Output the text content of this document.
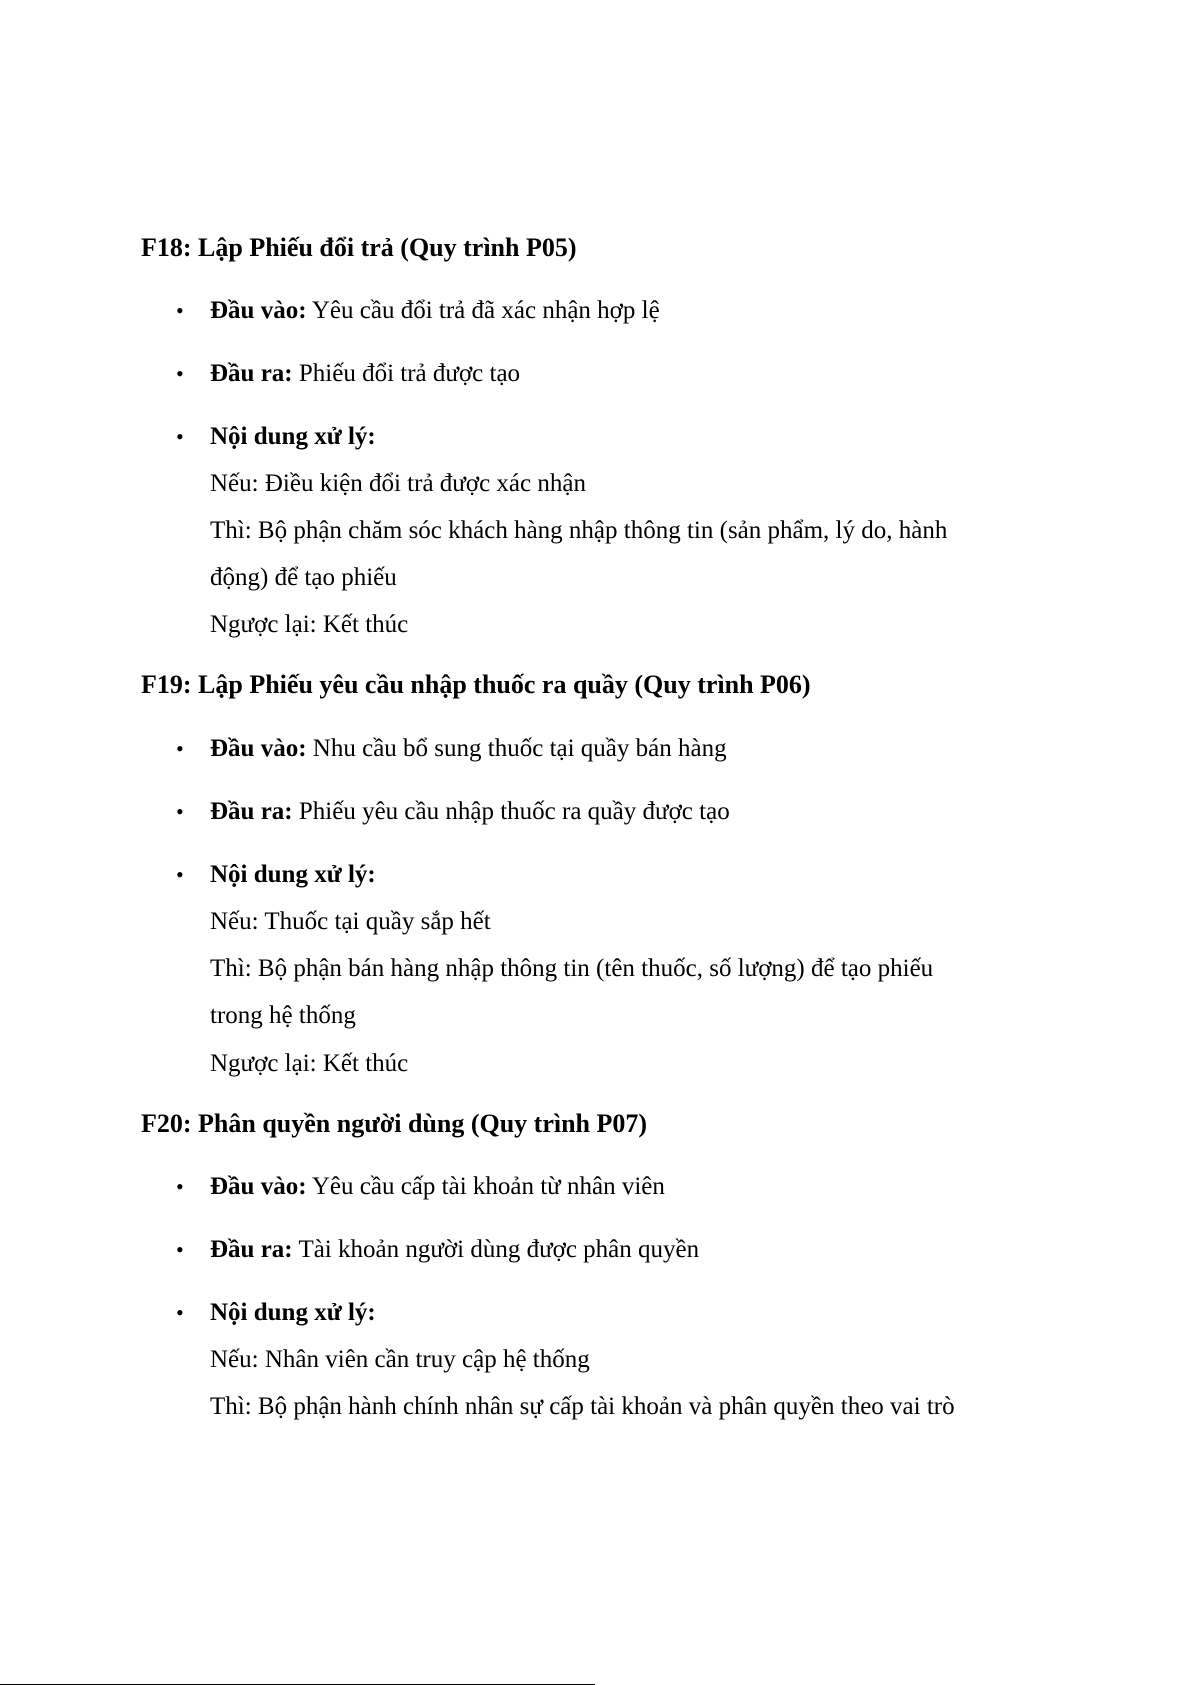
F18: Lập Phiếu đổi trả (Quy trình P05)
• Đầu vào: Yêu cầu đổi trả đã xác nhận hợp lệ
• Đầu ra: Phiếu đổi trả được tạo
• Nội dung xử lý:
Nếu: Điều kiện đổi trả được xác nhận
Thì: Bộ phận chăm sóc khách hàng nhập thông tin (sản phẩm, lý do, hành
động) để tạo phiếu
Ngược lại: Kết thúc
F19: Lập Phiếu yêu cầu nhập thuốc ra quầy (Quy trình P06)
• Đầu vào: Nhu cầu bổ sung thuốc tại quầy bán hàng
• Đầu ra: Phiếu yêu cầu nhập thuốc ra quầy được tạo
• Nội dung xử lý:
Nếu: Thuốc tại quầy sắp hết
Thì: Bộ phận bán hàng nhập thông tin (tên thuốc, số lượng) để tạo phiếu
trong hệ thống
Ngược lại: Kết thúc
F20: Phân quyền người dùng (Quy trình P07)
• Đầu vào: Yêu cầu cấp tài khoản từ nhân viên
• Đầu ra: Tài khoản người dùng được phân quyền
• Nội dung xử lý:
Nếu: Nhân viên cần truy cập hệ thống
Thì: Bộ phận hành chính nhân sự cấp tài khoản và phân quyền theo vai trò
